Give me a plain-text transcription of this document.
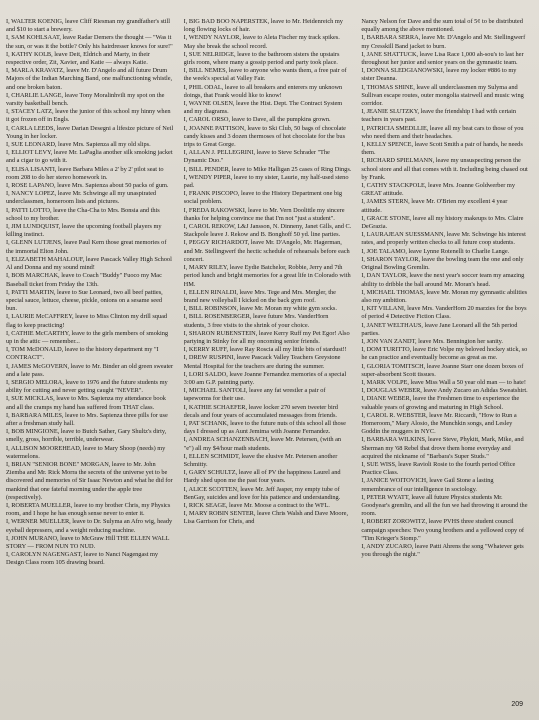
I, WALTER KOENIG, leave Cliff Riesman my grandfather's still and $10 to start a brewery.

I, SAM KOHLSAAT, leave Radar Demers the thought — "Was it the sun, or was it the bottle? Only his hairdresser knows for sure!"

I, KATHY KOLB, leave Deit, Eldrich and Marty, in their respective order, Zit, Xavier, and Katie — always Katie.

I, MARLA KRAVATZ, leave Mr. D'Angelo and all future Drum Majors of the Indian Marching Band, one malfunctioning whistle, and one broken baton.

I, CHARLIE LANGE, leave Tony Moralinhvili my spot on the varsity basketball bench.

I, STACEY LATZ, leave the junior of this school my hinny when it got frozen off in Engls.

I, CARLA LEEDS, leave Darian Desegni a lifesize picture of Neil Young in her locker.

I, SUE LEONARD, leave Mrs. Sapienza all my old slips.

I, ELLIOT LEVY, leave Mr. LaPaglia another silk smoking jacket and a cigar to go with it.

I, ELISA LISANTI, leave Barbara Miles a 2' by 2' pilot seat to room 208 to do her stereo homework in.

I, ROSE LAPANO, leave Mrs. Sapienza about 50 packs of gum.

I, NANCY LOPEZ, leave Mr. Schwinge all my unaspirated underclassmen, homeroom lists and pictures.

I, PATTI LOTTO, leave the Cha-Cha to Mrs. Bonsia and this school to my brother.

I, JIM LUNDQUIST, leave the upcoming football players my killing instinct.

I, GLENN LUTJENS, leave Paul Kern those great memories of the immortal Elton John.

I, ELIZABETH MAHALOUF, leave Pascack Valley High School Al and Donna and my sound mind!

I, BOB MARCHAK, leave to Coach "Buddy" Fuoco my Mac Baseball ticket from Friday the 13th.

I, PATTI MARTIN, leave to Sue Leonard, two all beef patties, special sauce, lettuce, cheese, pickle, onions on a sesame seed bun.

I, LAURIE McCAFFREY, leave to Miss Clinton my drill squad flag to keep practicing!

I, CATHIE McCARTHY, leave to the girls members of smoking up in the attic — remember...

I, TOM McDONALD, leave to the history department my "I CONTRACT".

I, JAMES McGOVERN, leave to Mr. Binder an old green sweater and a late pass.

I, SERGIO MELORA, leave to 1976 and the future students my ability for cutting and never getting caught "NEVER".

I, SUE MICKLAS, leave to Mrs. Sapienza my attendance book and all the cramps my hand has suffered from THAT class.

I, BARBARA MILES, leave to Mrs. Sapienza three pills for use after a freshman study hall.

I, BOB MINGIONE, leave to Butch Sather, Gary Shultz's dirty, smelly, gross, horrible, terrible, underwear.

I, ALLISON MOOREHEAD, leave to Mary Shoop (needs) my watermelons.

I, BRIAN "SENIOR BONE" MORGAN, leave to Mr. John Ziemba and Mr. Rick Morra the secrets of the universe yet to be discovered and memories of Sir Isaac Newton and what he did for mankind that one fateful morning under the apple tree (respectively).

I, ROBERTA MUELLER, leave to my brother Chris, my Physics room, and I hope he has enough sense never to enter it.

I, WERNER MUELLER, leave to Dr. Sulyma an Afro wig, heady eyeball depressers, and a weight reducing machine.

I, JOHN MURANO, leave to McGraw Hill THE ELLEN WALL STORY — FROM NUN TO NUD.

I, CAROLYN NAGENGAST, leave to Nanci Nagengast my Design Class room 105 drawing board.

I, BIG BAD BOO NAPERSTEK, leave to Mr. Heidenreich my long flowing locks of hair.

I, WENDY NAYLOR, leave to Aleta Fischer my track spikes. May she break the school record.

I, SUE NELRIDGE, leave to the bathroom sisters the upstairs girls room, where many a gossip period and party took place.

I, BILL NEMES, leave to anyone who wants them, a free pair of the week's special at Valley Fair.

I, PHIL ODAL, leave to all breakers and enterers my unknown doings, that Frank would like to know!

I, WAYNE OLSEN, leave the Hist. Dept. The Contract System and my diagrams.

I, CAROL ORSO, leave to Dave, all the pumpkins grown.

I, JOANNE PATTISON, leave to Ski Club, 50 bags of chocolate candy kisses and 3 dozen thermoses of hot chocolate for the bus trips to Great Gorge.

I, ALLAN J. PELLEGRINI, leave to Steve Schrader "The Dynamic Duo."

I, BILL PENDER, leave to Mike Halligan 25 cases of Ring Dings.

I, WENDY PIPER, leave to my sister, Laurie, my half-used steno pad.

I, FRANK PISCOPO, leave to the History Department one big social problem.

I, FREDA RAKOWSKI, leave to Mr. Vern Doolittle my sincere thanks for helping convince me that I'm not "just a student".

I, CAROL REKOW, L&J Jansson, N. Dinneny, Janet Gills, and C. Stackpole leave J. Rekow and B. Bonghoff 50 yd. line parties.

I, PEGGY RICHARDOT, leave Mr. D'Angelo, Mr. Hagerman, and Mr. Stellingwerf the hectic schedule of rehearsals before each concert.

I, MARY RILEY, leave Eydie Batchelor, Robbie, Jerry and 7th period lunch and bright memories for a great life in Colorado with HM.

I, ELLEN RINALDI, leave Mrs. Tege and Mrs. Mergler, the brand new volleyball I kicked on the back gym roof.

I, BILL ROBINSON, leave Mr. Moran my white gym socks.

I, BILL ROSENBERGER, leave future Mrs. VanderHorn students, 3 free visits to the shrink of your choice.

I, SHARON RUBENSTEIN, leave Kerry Ruff my Pet Egor! Also partying in Stinky for all my oncoming senior friends.

I, KERRY RUFF, leave Ray Roscia all my little bits of stardust!!

I, DREW RUSPINI, leave Pascack Valley Teachers Greystone Mental Hospital for the teachers are during the summer.

I, LORI SALDO, leave Joanne Fernandez memories of a special 3:00 am G.P. painting party.

I, MICHAEL SANTOLI, leave any fat wrestler a pair of tapeworms for their use.

I, KATHIE SCHAEFER, leave locker 270 seven tweeter bird decals and four years of accumulated messages from friends.

I, PAT SCHANK, leave to the future nuts of this school all those days I dressed up as Aunt Jemima with Joanne Fernandez.

I, ANDREA SCHANZENBACH, leave Mr. Petersen, (with an "e") all my $4/hour math students.

I, ELLEN SCHMIDT, leave the elusive Mr. Petersen another Schmitty.

I, GARY SCHULTZ, leave all of PV the happiness Laurel and Hardy shed upon me the past four years.

I, ALICE SCOTTEN, leave Mr. Jeff Jasper, my empty tube of BenGay, suicides and love for his patience and understanding.

I, RICK SEAGE, leave Mr. Moose a contract to the WFL.

I, MARY ROBIN SENTER, leave Chris Walsh and Dave Moore, Lisa Garrison for Chris, and

Nancy Nelson for Dave and the sum total of 5¢ to be distributed equally among the above mentioned.

I, BARBARA SERRA, leave Mr. D'Angelo and Mr. Stellingwerf my Cresskill Band jacket to burn.

I, JANE SHATTUCK, leave Lisa Race 1,000 ah-sou's to last her throughout her junior and senior years on the gymnastic team.

I, DONNA SLEDGIANOWSKI, leave my locker #886 to my sister Deanna.

I, THOMAS SHINE, leave all underclassmen my Sulyma and Sullivan escape routes, outer mongolia stairwell and music wing corridor.

I, JEANIE SLUTZKY, leave the friendship I had with certain teachers in years past.

I, PATRICIA SMEDLLIE, leave all my beat cars to those of you who need them and their headaches.

I, KELLY SPENCE, leave Scott Smith a pair of hands, he needs them.

I, RICHARD SPIELMANN, leave my unsuspecting person the school store and all that comes with it. Including being chased out by Frank.

I, CATHY STACKPOLE, leave Mrs. Joanne Goldwerber my GREAT attitude.

I, JAMES STERN, leave Mr. O'Brien my excellent 4 year attitude.

I, GRACE STONE, leave all my history makeups to Mrs. Claire DeGrazia.

I, LAURAJEAN SUESSMANN, leave Mr. Schwinge his interest rates, and properly written checks to all future coop students.

I, JOE TALAMO, leave Lynne Rotenelli to Charlie Lange.

I, SHARON TAYLOR, leave the bowling team the one and only Original Bowling Gremlin.

I, DAN TAYLOR, leave the next year's soccer team my amazing ability to dribble the ball around Mr. Moran's head.

I, MICHAEL THOMAS, leave Mr. Moran my gymnastic abilities also my ambition.

I, KIT VILLANI, leave Mrs. VanderHorn 20 marzies for the boys of period 4 Detective Fiction Class.

I, JANET WELTHAUS, leave Jane Leonard all the 5th period parties.

I, JON VAN ZANDT, leave Mrs. Bennington her sanity.

I, DOM TURITTO, leave Eric Volpe my beloved hockey stick, so he can practice and eventually become as great as me.

I, GLORIA TOMITSCH, leave Joanne Starr one dozen boxes of super-absorbent Scott tissues.

I, MARK VOLPE, leave Miss Wall a 50 year old man — to hate!

I, DOUGLAS WEBER, leave Andy Zucaro an Adidas Sweatshirt.

I, DIANE WEBER, leave the Freshmen time to experience the valuable years of growing and maturing in High School.

I, CAROL R. WEBSTER, leave Mr. Riccardi, "How to Run a Homeroom," Mary Alosio, the Munchkin songs, and Lesley Goddin the muggers in NYC.

I, BARBARA WILKINS, leave Steve, Phykitt, Mark, Mike, and Sherman my '68 Rebel that drove them home everyday and acquired the nickname of "Barbara's Super Studs."

I, SUE WISS, leave Ravioli Rosie to the fourth period Office Practice Class.

I, JANICE WOITOVICH, leave Gail Stone a lasting remembrance of our intelligence in sociology.

I, PETER WYATT, leave all future Physics students Mr. Goodyear's gremlin, and all the fun we had throwing it around the room.

I, ROBERT ZOROWITZ, leave PVHS three student council campaign speeches: Two young brothers and a yellowed copy of "Tim Krieger's Stomp."

I, ANDY ZUCARO, leave Patti Ahrens the song "Whatever gets you through the night."

209
